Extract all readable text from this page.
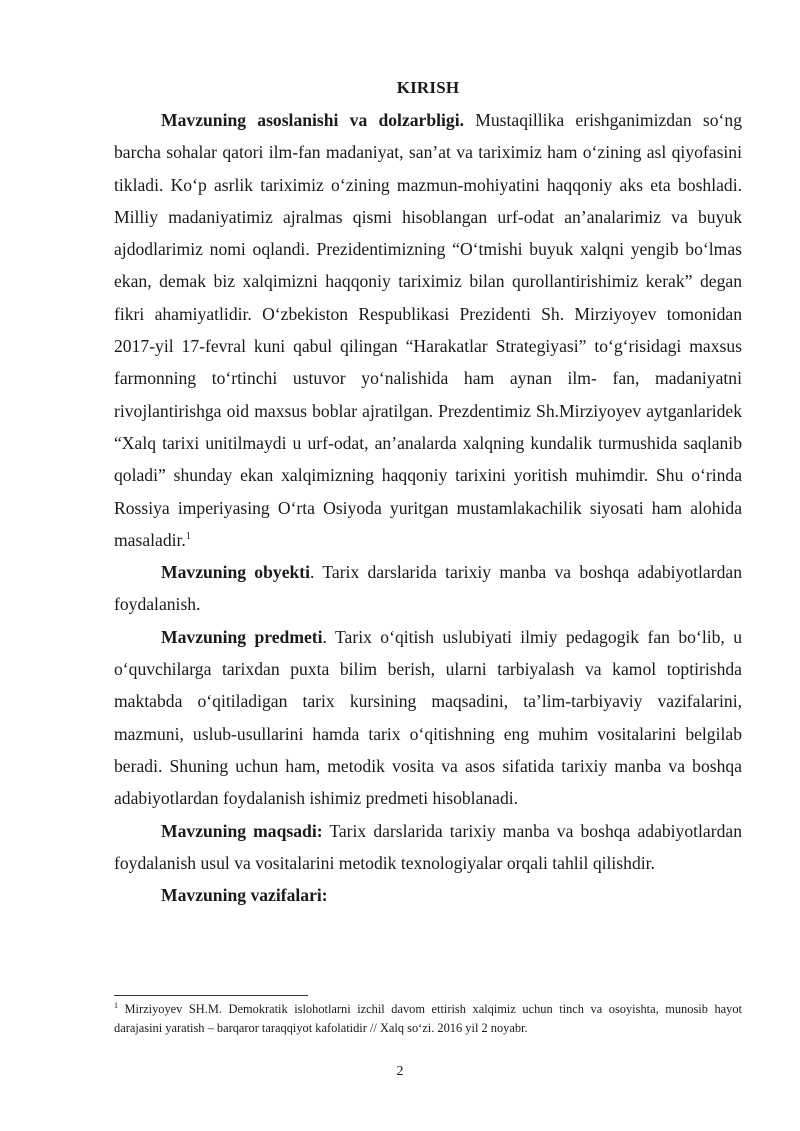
KIRISH

Mavzuning asoslanishi va dolzarbligi. Mustaqillika erishganimizdan so‘ng barcha sohalar qatori ilm-fan madaniyat, san’at va tariximiz ham o‘zining asl qiyofasini tikladi. Ko‘p asrlik tariximiz o‘zining mazmun-mohiyatini haqqoniy aks eta boshladi. Milliy madaniyatimiz ajralmas qismi hisoblangan urf-odat an’analarimiz va buyuk ajdodlarimiz nomi oqlandi. Prezidentimizning “O‘tmishi buyuk xalqni yengib bo‘lmas ekan, demak biz xalqimizni haqqoniy tariximiz bilan qurollantirishimiz kerak” degan fikri ahamiyatlidir. O‘zbekiston Respublikasi Prezidenti Sh. Mirziyoyev tomonidan 2017-yil 17-fevral kuni qabul qilingan “Harakatlar Strategiyasi” to‘g‘risidagi maxsus farmonning to‘rtinchi ustuvor yo‘nalishida ham aynan ilm- fan, madaniyatni rivojlantirishga oid maxsus boblar ajratilgan. Prezdentimiz Sh.Mirziyoyev aytganlaridek “Xalq tarixi unitilmaydi u urf-odat, an’analarda xalqning kundalik turmushida saqlanib qoladi” shunday ekan xalqimizning haqqoniy tarixini yoritish muhimdir. Shu o‘rinda Rossiya imperiyasing O‘rta Osiyoda yuritgan mustamlakachilik siyosati ham alohida masaladir.$^1$

Mavzuning obyekti. Tarix darslarida tarixiy manba va boshqa adabiyotlardan foydalanish.

Mavzuning predmeti. Tarix o‘qitish uslubiyati ilmiy pedagogik fan bo‘lib, u o‘quvchilarga tarixdan puxta bilim berish, ularni tarbiyalash va kamol toptirishda maktabda o‘qitiladigan tarix kursining maqsadini, ta’lim-tarbiyaviy vazifalarini, mazmuni, uslub-usullarini hamda tarix o‘qitishning eng muhim vositalarini belgilab beradi. Shuning uchun ham, metodik vosita va asos sifatida tarixiy manba va boshqa adabiyotlardan foydalanish ishimiz predmeti hisoblanadi.

Mavzuning maqsadi: Tarix darslarida tarixiy manba va boshqa adabiyotlardan foydalanish usul va vositalarini metodik texnologiyalar orqali tahlil qilishdir.

Mavzuning vazifalari:

$^1$ Mirziyoyev SH.M. Demokratik islohotlarni izchil davom ettirish xalqimiz uchun tinch va osoyishta, munosib hayot darajasini yaratish – barqaror taraqqiyot kafolatidir // Xalq so‘zi. 2016 yil 2 noyabr.

2
